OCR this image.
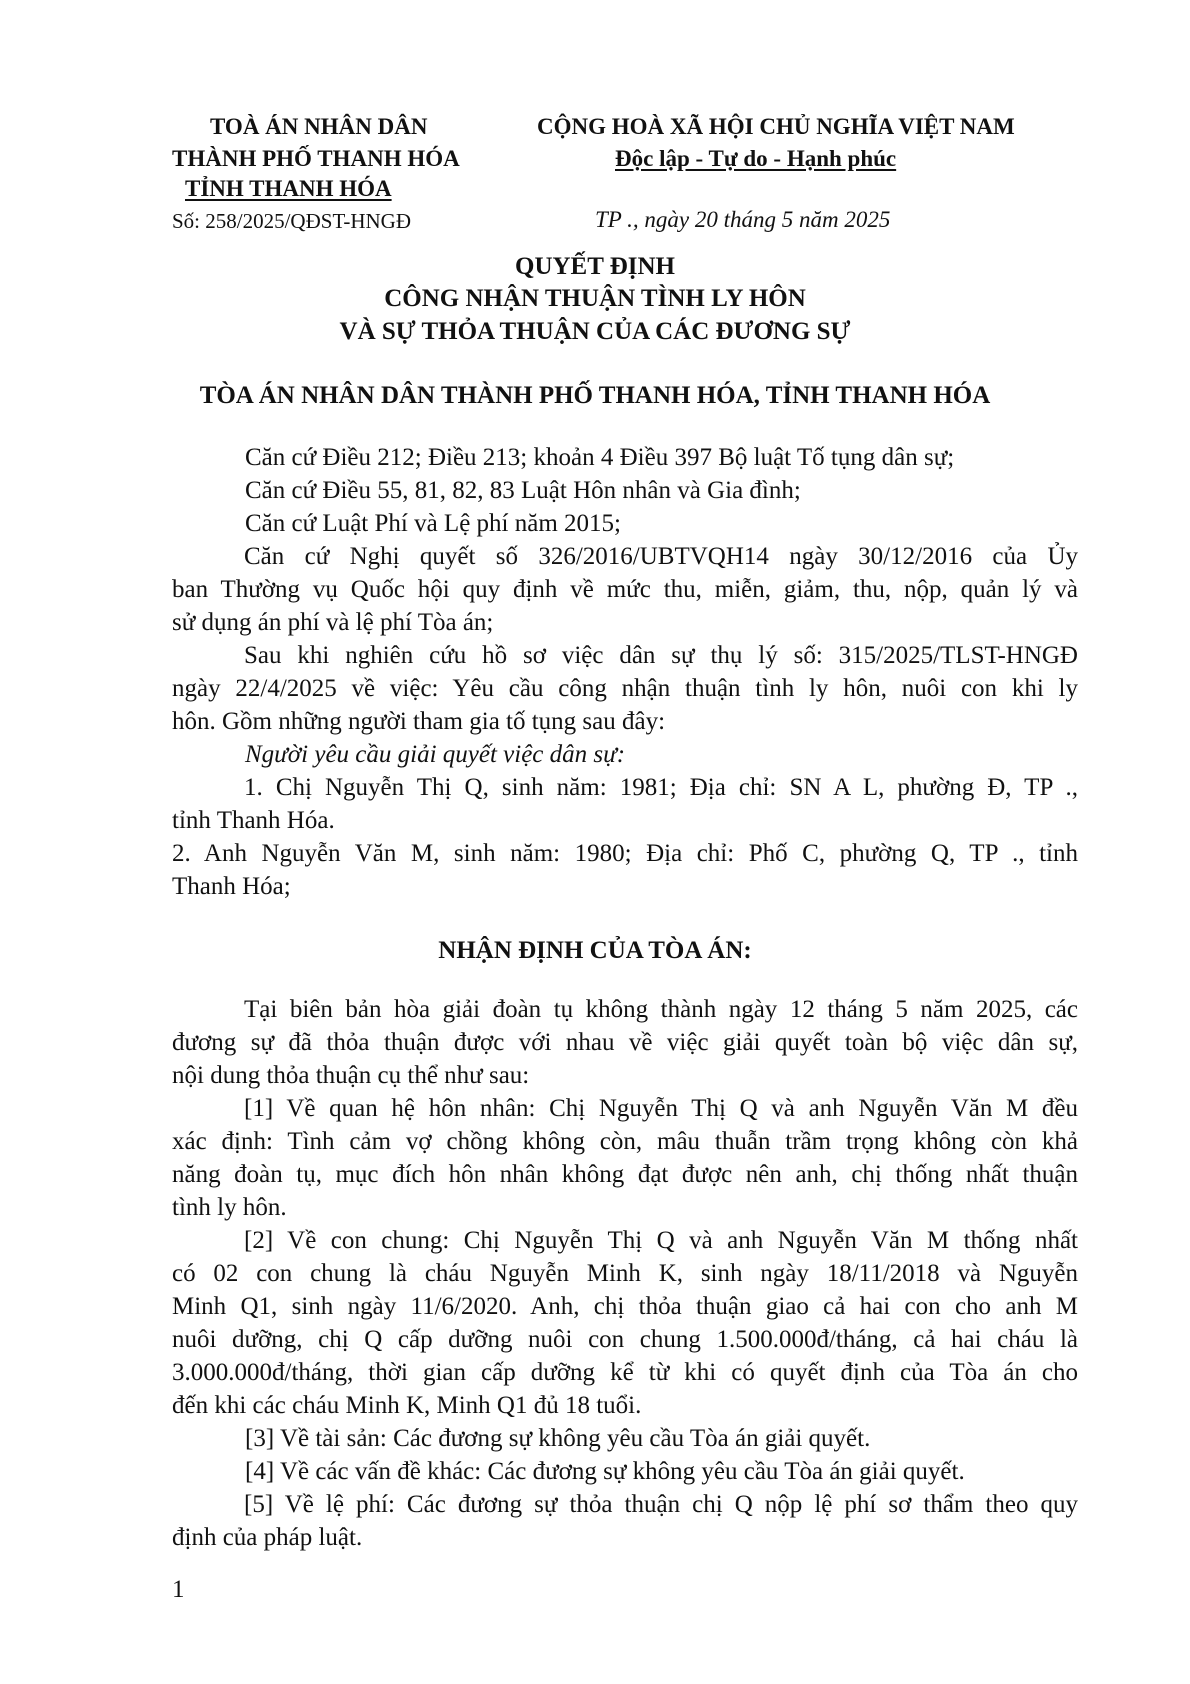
TOÀ ÁN NHÂN DÂN
THÀNH PHỐ THANH HÓA
TỈNH THANH HÓA
Số: 258/2025/QĐST-HNGĐ
CỘNG HOÀ XÃ HỘI CHỦ NGHĨA VIỆT NAM
Độc lập - Tự do - Hạnh phúc
TP ., ngày 20 tháng 5 năm 2025
QUYẾT ĐỊNH
CÔNG NHẬN THUẬN TÌNH LY HÔN
VÀ SỰ THỎA THUẬN CỦA CÁC ĐƯƠNG SỰ
TÒA ÁN NHÂN DÂN THÀNH PHỐ THANH HÓA, TỈNH THANH HÓA
Căn cứ Điều 212; Điều 213; khoản 4 Điều 397 Bộ luật Tố tụng dân sự;
Căn cứ Điều 55, 81, 82, 83 Luật Hôn nhân và Gia đình;
Căn cứ Luật Phí và Lệ phí năm 2015;
Căn cứ Nghị quyết số 326/2016/UBTVQH14 ngày 30/12/2016 của Ủy
ban Thường vụ Quốc hội quy định về mức thu, miễn, giảm, thu, nộp, quản lý và
sử dụng án phí và lệ phí Tòa án;
Sau khi nghiên cứu hồ sơ việc dân sự thụ lý số: 315/2025/TLST-HNGĐ
ngày 22/4/2025 về việc: Yêu cầu công nhận thuận tình ly hôn, nuôi con khi ly
hôn. Gồm những người tham gia tố tụng sau đây:
Người yêu cầu giải quyết việc dân sự:
1. Chị Nguyễn Thị Q, sinh năm: 1981; Địa chỉ: SN A L, phường Đ, TP .,
tỉnh Thanh Hóa.
2. Anh Nguyễn Văn M, sinh năm: 1980; Địa chỉ: Phố C, phường Q, TP ., tỉnh
Thanh Hóa;
NHẬN ĐỊNH CỦA TÒA ÁN:
Tại biên bản hòa giải đoàn tụ không thành ngày 12 tháng 5 năm 2025, các
đương sự đã thỏa thuận được với nhau về việc giải quyết toàn bộ việc dân sự,
nội dung thỏa thuận cụ thể như sau:
[1] Về quan hệ hôn nhân: Chị Nguyễn Thị Q và anh Nguyễn Văn M đều
xác định: Tình cảm vợ chồng không còn, mâu thuẫn trầm trọng không còn khả
năng đoàn tụ, mục đích hôn nhân không đạt được nên anh, chị thống nhất thuận
tình ly hôn.
[2] Về con chung: Chị Nguyễn Thị Q và anh Nguyễn Văn M thống nhất
có 02 con chung là cháu Nguyễn Minh K, sinh ngày 18/11/2018 và Nguyễn
Minh Q1, sinh ngày 11/6/2020. Anh, chị thỏa thuận giao cả hai con cho anh M
nuôi dưỡng, chị Q cấp dưỡng nuôi con chung 1.500.000đ/tháng, cả hai cháu là
3.000.000đ/tháng, thời gian cấp dưỡng kể từ khi có quyết định của Tòa án cho
đến khi các cháu Minh K, Minh Q1 đủ 18 tuổi.
[3] Về tài sản: Các đương sự không yêu cầu Tòa án giải quyết.
[4] Về các vấn đề khác: Các đương sự không yêu cầu Tòa án giải quyết.
[5] Về lệ phí: Các đương sự thỏa thuận chị Q nộp lệ phí sơ thẩm theo quy
định của pháp luật.
1
